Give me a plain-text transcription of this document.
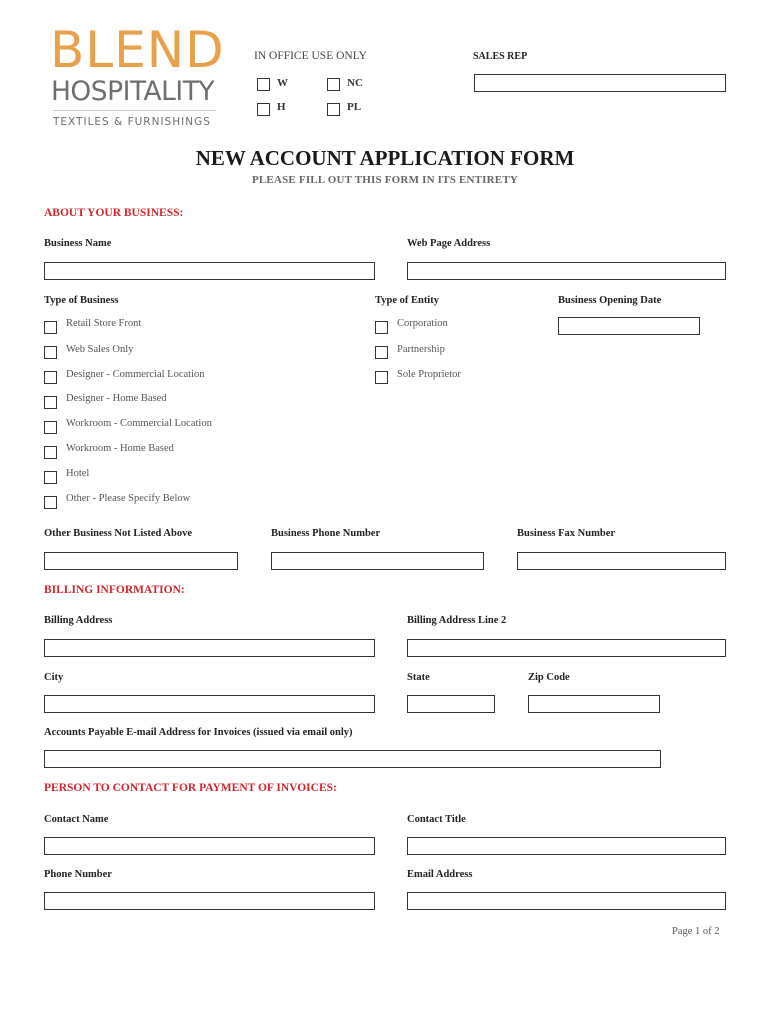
BLEND
HOSPITALITY
TEXTILES & FURNISHINGS
IN OFFICE USE ONLY
W	NC
H	PL
SALES REP
NEW ACCOUNT APPLICATION FORM
PLEASE FILL OUT THIS FORM IN ITS ENTIRETY
ABOUT YOUR BUSINESS:
Business Name	Web Page Address
Type of Business	Type of Entity	Business Opening Date
Retail Store Front
Web Sales Only
Designer - Commercial Location
Designer - Home Based
Workroom - Commercial Location
Workroom - Home Based
Hotel
Other - Please Specify Below
Corporation
Partnership
Sole Proprietor
Other Business Not Listed Above	Business Phone Number	Business Fax Number
BILLING INFORMATION:
Billing Address	Billing Address Line 2
City	State	Zip Code
Accounts Payable E-mail Address for Invoices (issued via email only)
PERSON TO CONTACT FOR PAYMENT OF INVOICES:
Contact Name	Contact Title
Phone Number	Email Address
Page 1 of 2
